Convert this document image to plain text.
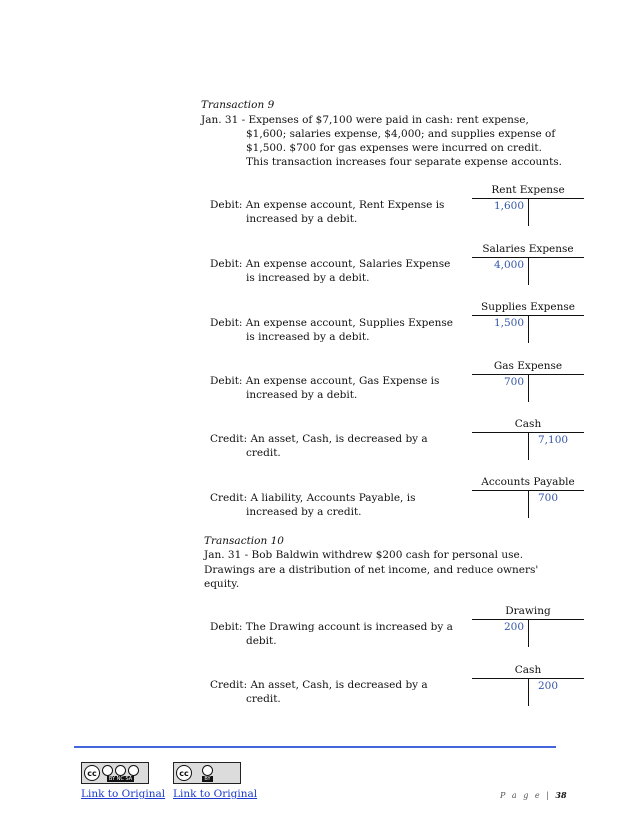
Transaction 9
Jan. 31 - Expenses of $7,100 were paid in cash: rent expense,
$1,600; salaries expense, $4,000; and supplies expense of
$1,500. $700 for gas expenses were incurred on credit.
This transaction increases four separate expense accounts.
Debit: An expense account, Rent Expense is
increased by a debit.
Rent Expense
1,600
Debit: An expense account, Salaries Expense
is increased by a debit.
Salaries Expense
4,000
Debit: An expense account, Supplies Expense
is increased by a debit.
Supplies Expense
1,500
Debit: An expense account, Gas Expense is
increased by a debit.
Gas Expense
700
Credit: An asset, Cash, is decreased by a
credit.
Cash
7,100
Credit: A liability, Accounts Payable, is
increased by a credit.
Accounts Payable
700
Transaction 10
Jan. 31 - Bob Baldwin withdrew $200 cash for personal use.
Drawings are a distribution of net income, and reduce owners'
equity.
Debit: The Drawing account is increased by a
debit.
Drawing
200
Credit: An asset, Cash, is decreased by a
credit.
Cash
200
cc
BY NC SA
cc
BY
Link to Original Link to Original	P a g e | 38
